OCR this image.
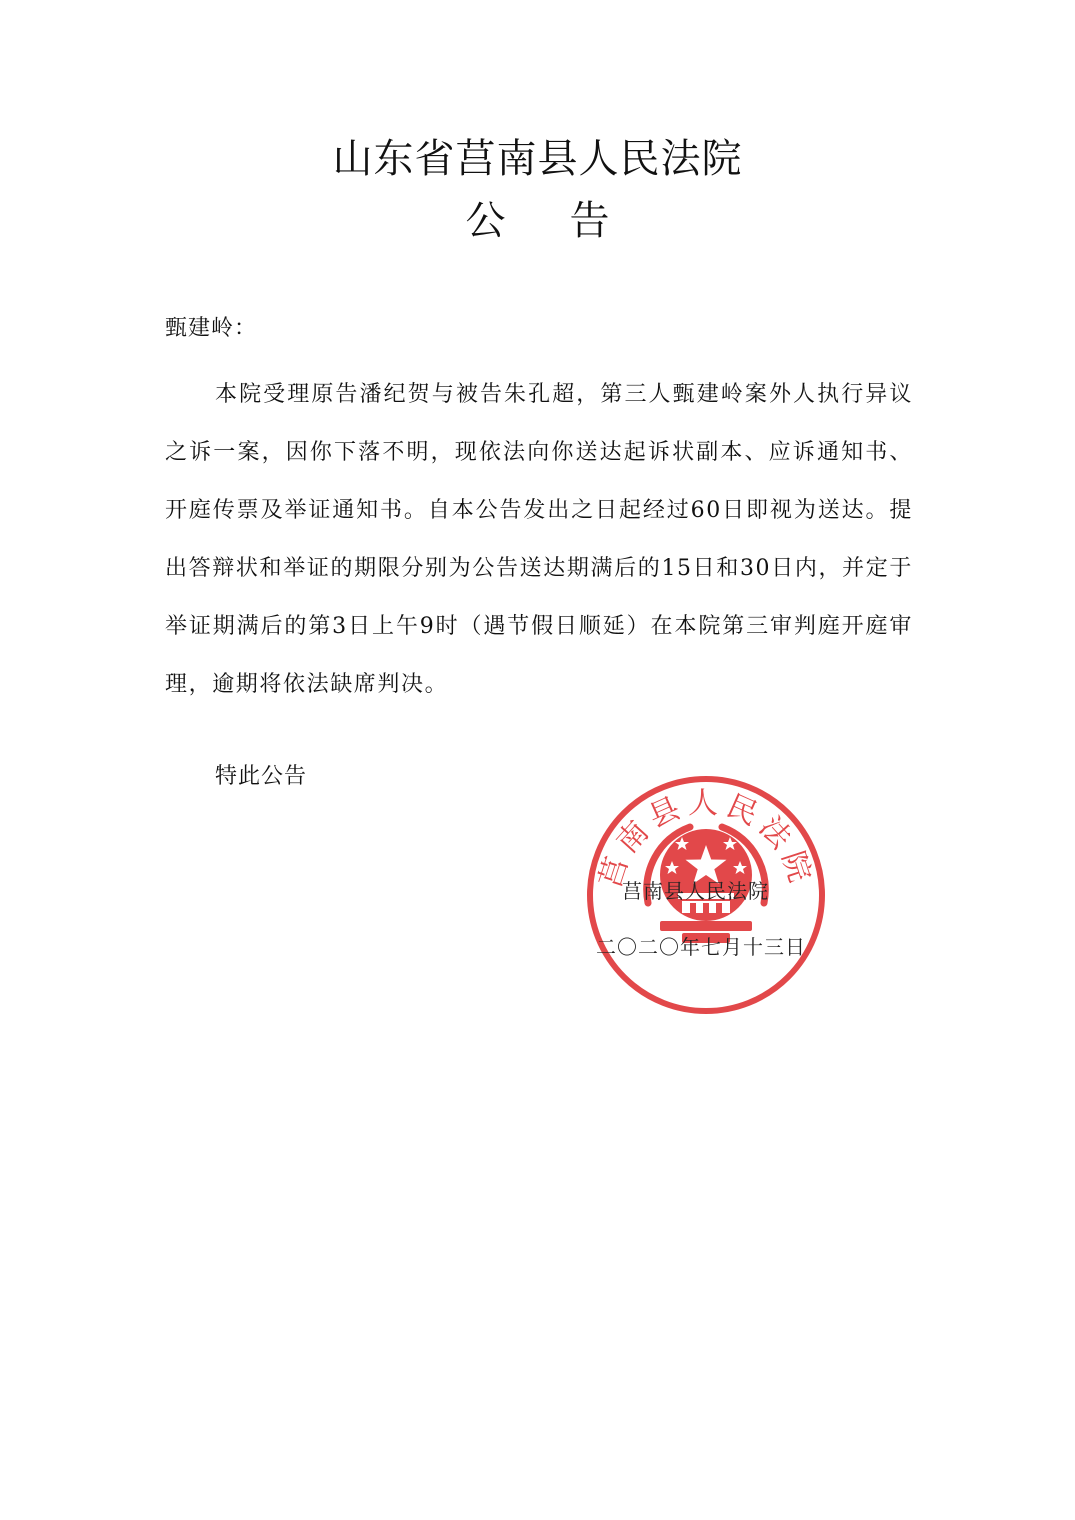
山东省莒南县人民法院
公告
甄建岭：

本院受理原告潘纪贺与被告朱孔超，第三人甄建岭案外人执行异议之诉一案，因你下落不明，现依法向你送达起诉状副本、应诉通知书、开庭传票及举证通知书。自本公告发出之日起经过60日即视为送达。提出答辩状和举证的期限分别为公告送达期满后的15日和30日内，并定于举证期满后的第3日上午9时（遇节假日顺延）在本院第三审判庭开庭审理，逾期将依法缺席判决。

特此公告
莒南县人民法院
莒南县人民法院
二〇二〇年七月十三日
